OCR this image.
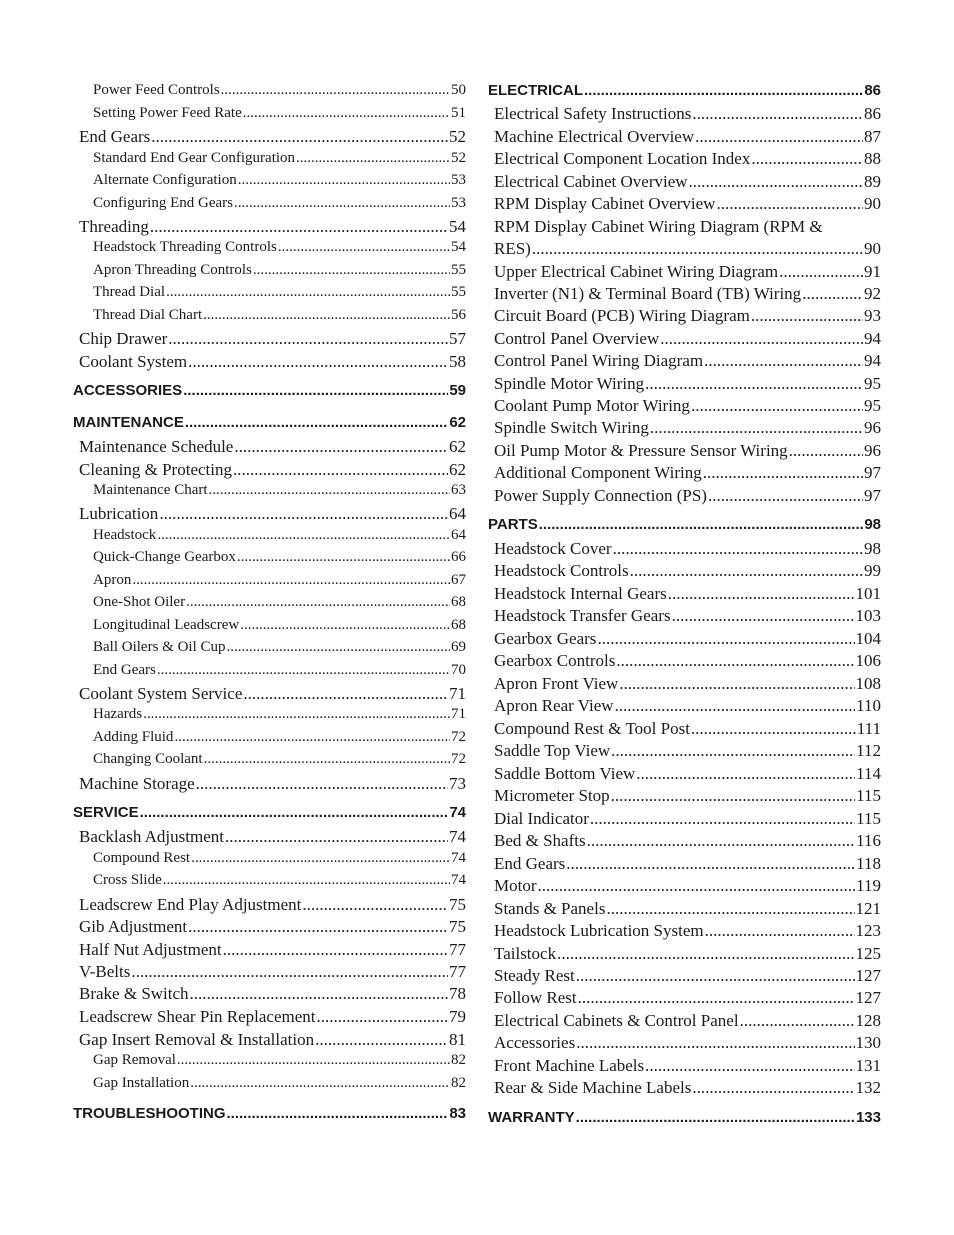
Power Feed Controls .....	50
Setting Power Feed Rate .....	51
End Gears .....	52
Standard End Gear Configuration .....	52
Alternate Configuration .....	53
Configuring End Gears .....	53
Threading .....	54
Headstock Threading Controls .....	54
Apron Threading Controls .....	55
Thread Dial .....	55
Thread Dial Chart .....	56
Chip Drawer .....	57
Coolant System .....	58
ACCESSORIES .....	59
MAINTENANCE .....	62
Maintenance Schedule .....	62
Cleaning & Protecting .....	62
Maintenance Chart .....	63
Lubrication .....	64
Headstock .....	64
Quick-Change Gearbox .....	66
Apron .....	67
One-Shot Oiler .....	68
Longitudinal Leadscrew .....	68
Ball Oilers & Oil Cup .....	69
End Gears .....	70
Coolant System Service .....	71
Hazards .....	71
Adding Fluid .....	72
Changing Coolant .....	72
Machine Storage .....	73
SERVICE .....	74
Backlash Adjustment .....	74
Compound Rest .....	74
Cross Slide .....	74
Leadscrew End Play Adjustment .....	75
Gib Adjustment .....	75
Half Nut Adjustment .....	77
V-Belts .....	77
Brake & Switch .....	78
Leadscrew Shear Pin Replacement .....	79
Gap Insert Removal & Installation .....	81
Gap Removal .....	82
Gap Installation .....	82
TROUBLESHOOTING .....	83
ELECTRICAL .....	86
Electrical Safety Instructions .....	86
Machine Electrical Overview .....	87
Electrical Component Location Index .....	88
Electrical Cabinet Overview .....	89
RPM Display Cabinet Overview .....	90
RPM Display Cabinet Wiring Diagram (RPM &
RES) .....	90
Upper Electrical Cabinet Wiring Diagram .....	91
Inverter (N1) & Terminal Board (TB) Wiring .....	92
Circuit Board (PCB) Wiring Diagram .....	93
Control Panel Overview .....	94
Control Panel Wiring Diagram .....	94
Spindle Motor Wiring .....	95
Coolant Pump Motor Wiring .....	95
Spindle Switch Wiring .....	96
Oil Pump Motor & Pressure Sensor Wiring .....	96
Additional Component Wiring .....	97
Power Supply Connection (PS) .....	97
PARTS .....	98
Headstock Cover .....	98
Headstock Controls .....	99
Headstock Internal Gears .....	101
Headstock Transfer Gears .....	103
Gearbox Gears .....	104
Gearbox Controls .....	106
Apron Front View .....	108
Apron Rear View .....	110
Compound Rest & Tool Post .....	111
Saddle Top View .....	112
Saddle Bottom View .....	114
Micrometer Stop .....	115
Dial Indicator .....	115
Bed & Shafts .....	116
End Gears .....	118
Motor .....	119
Stands & Panels .....	121
Headstock Lubrication System .....	123
Tailstock .....	125
Steady Rest .....	127
Follow Rest .....	127
Electrical Cabinets & Control Panel .....	128
Accessories .....	130
Front Machine Labels .....	131
Rear & Side Machine Labels .....	132
WARRANTY .....	133
